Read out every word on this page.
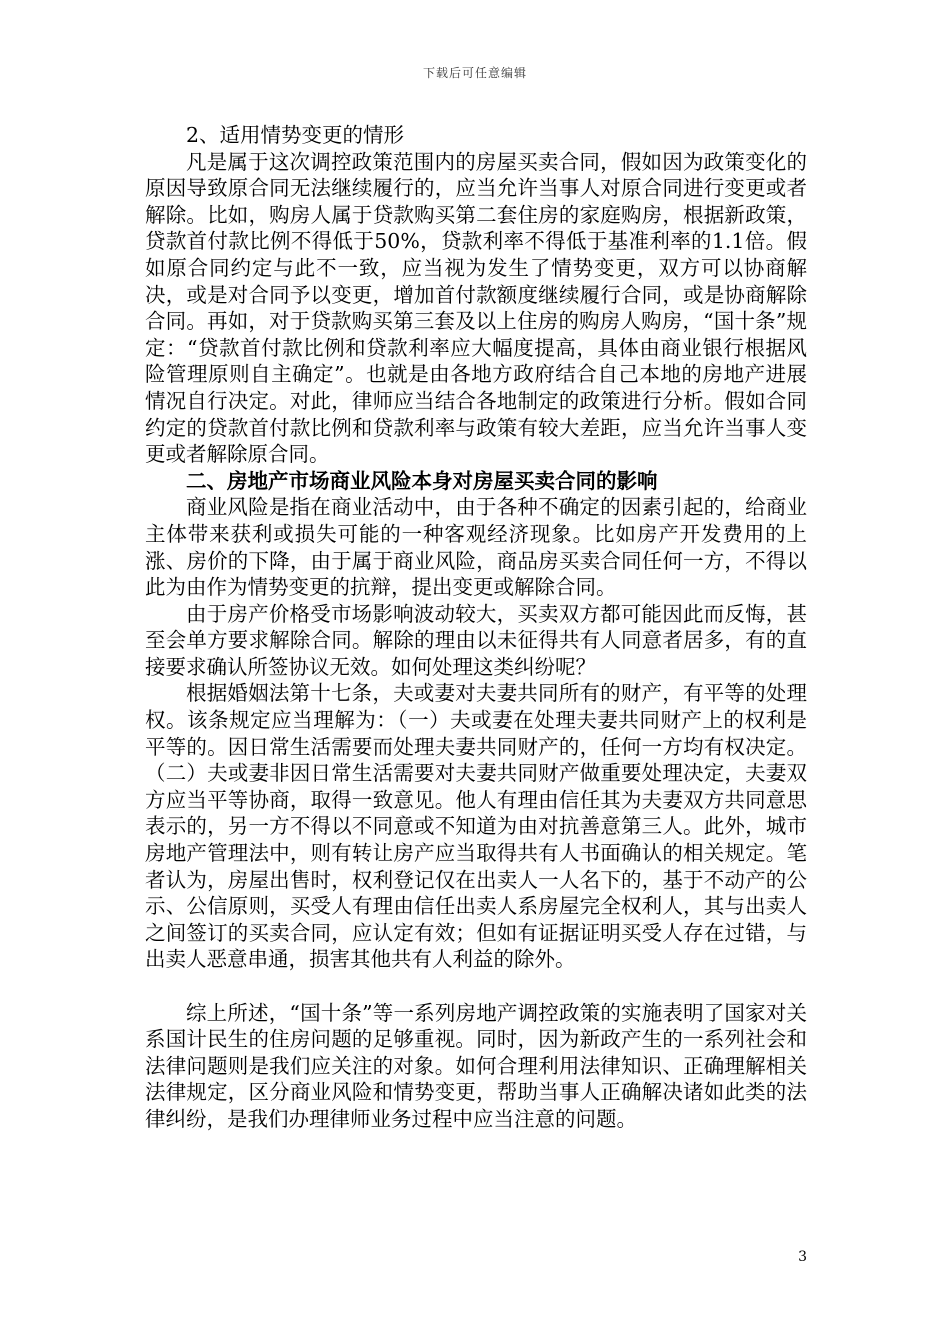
下载后可任意编辑

2、适用情势变更的情形

凡是属于这次调控政策范围内的房屋买卖合同，假如因为政策变化的原因导致原合同无法继续履行的，应当允许当事人对原合同进行变更或者解除。比如，购房人属于贷款购买第二套住房的家庭购房，根据新政策，贷款首付款比例不得低于50%，贷款利率不得低于基准利率的1.1倍。假如原合同约定与此不一致，应当视为发生了情势变更，双方可以协商解决，或是对合同予以变更，增加首付款额度继续履行合同，或是协商解除合同。再如，对于贷款购买第三套及以上住房的购房人购房，“国十条”规定：“贷款首付款比例和贷款利率应大幅度提高，具体由商业银行根据风险管理原则自主确定”。也就是由各地方政府结合自己本地的房地产进展情况自行决定。对此，律师应当结合各地制定的政策进行分析。假如合同约定的贷款首付款比例和贷款利率与政策有较大差距，应当允许当事人变更或者解除原合同。

二、房地产市场商业风险本身对房屋买卖合同的影响

商业风险是指在商业活动中，由于各种不确定的因素引起的，给商业主体带来获利或损失可能的一种客观经济现象。比如房产开发费用的上涨、房价的下降，由于属于商业风险，商品房买卖合同任何一方，不得以此为由作为情势变更的抗辩，提出变更或解除合同。

由于房产价格受市场影响波动较大，买卖双方都可能因此而反悔，甚至会单方要求解除合同。解除的理由以未征得共有人同意者居多，有的直接要求确认所签协议无效。如何处理这类纠纷呢？

根据婚姻法第十七条，夫或妻对夫妻共同所有的财产，有平等的处理权。该条规定应当理解为：（一）夫或妻在处理夫妻共同财产上的权利是平等的。因日常生活需要而处理夫妻共同财产的，任何一方均有权决定。（二）夫或妻非因日常生活需要对夫妻共同财产做重要处理决定，夫妻双方应当平等协商，取得一致意见。他人有理由信任其为夫妻双方共同意思表示的，另一方不得以不同意或不知道为由对抗善意第三人。此外，城市房地产管理法中，则有转让房产应当取得共有人书面确认的相关规定。笔者认为，房屋出售时，权利登记仅在出卖人一人名下的，基于不动产的公示、公信原则，买受人有理由信任出卖人系房屋完全权利人，其与出卖人之间签订的买卖合同，应认定有效；但如有证据证明买受人存在过错，与出卖人恶意串通，损害其他共有人利益的除外。

综上所述，“国十条”等一系列房地产调控政策的实施表明了国家对关系国计民生的住房问题的足够重视。同时，因为新政产生的一系列社会和法律问题则是我们应关注的对象。如何合理利用法律知识、正确理解相关法律规定，区分商业风险和情势变更，帮助当事人正确解决诸如此类的法律纠纷，是我们办理律师业务过程中应当注意的问题。

3
